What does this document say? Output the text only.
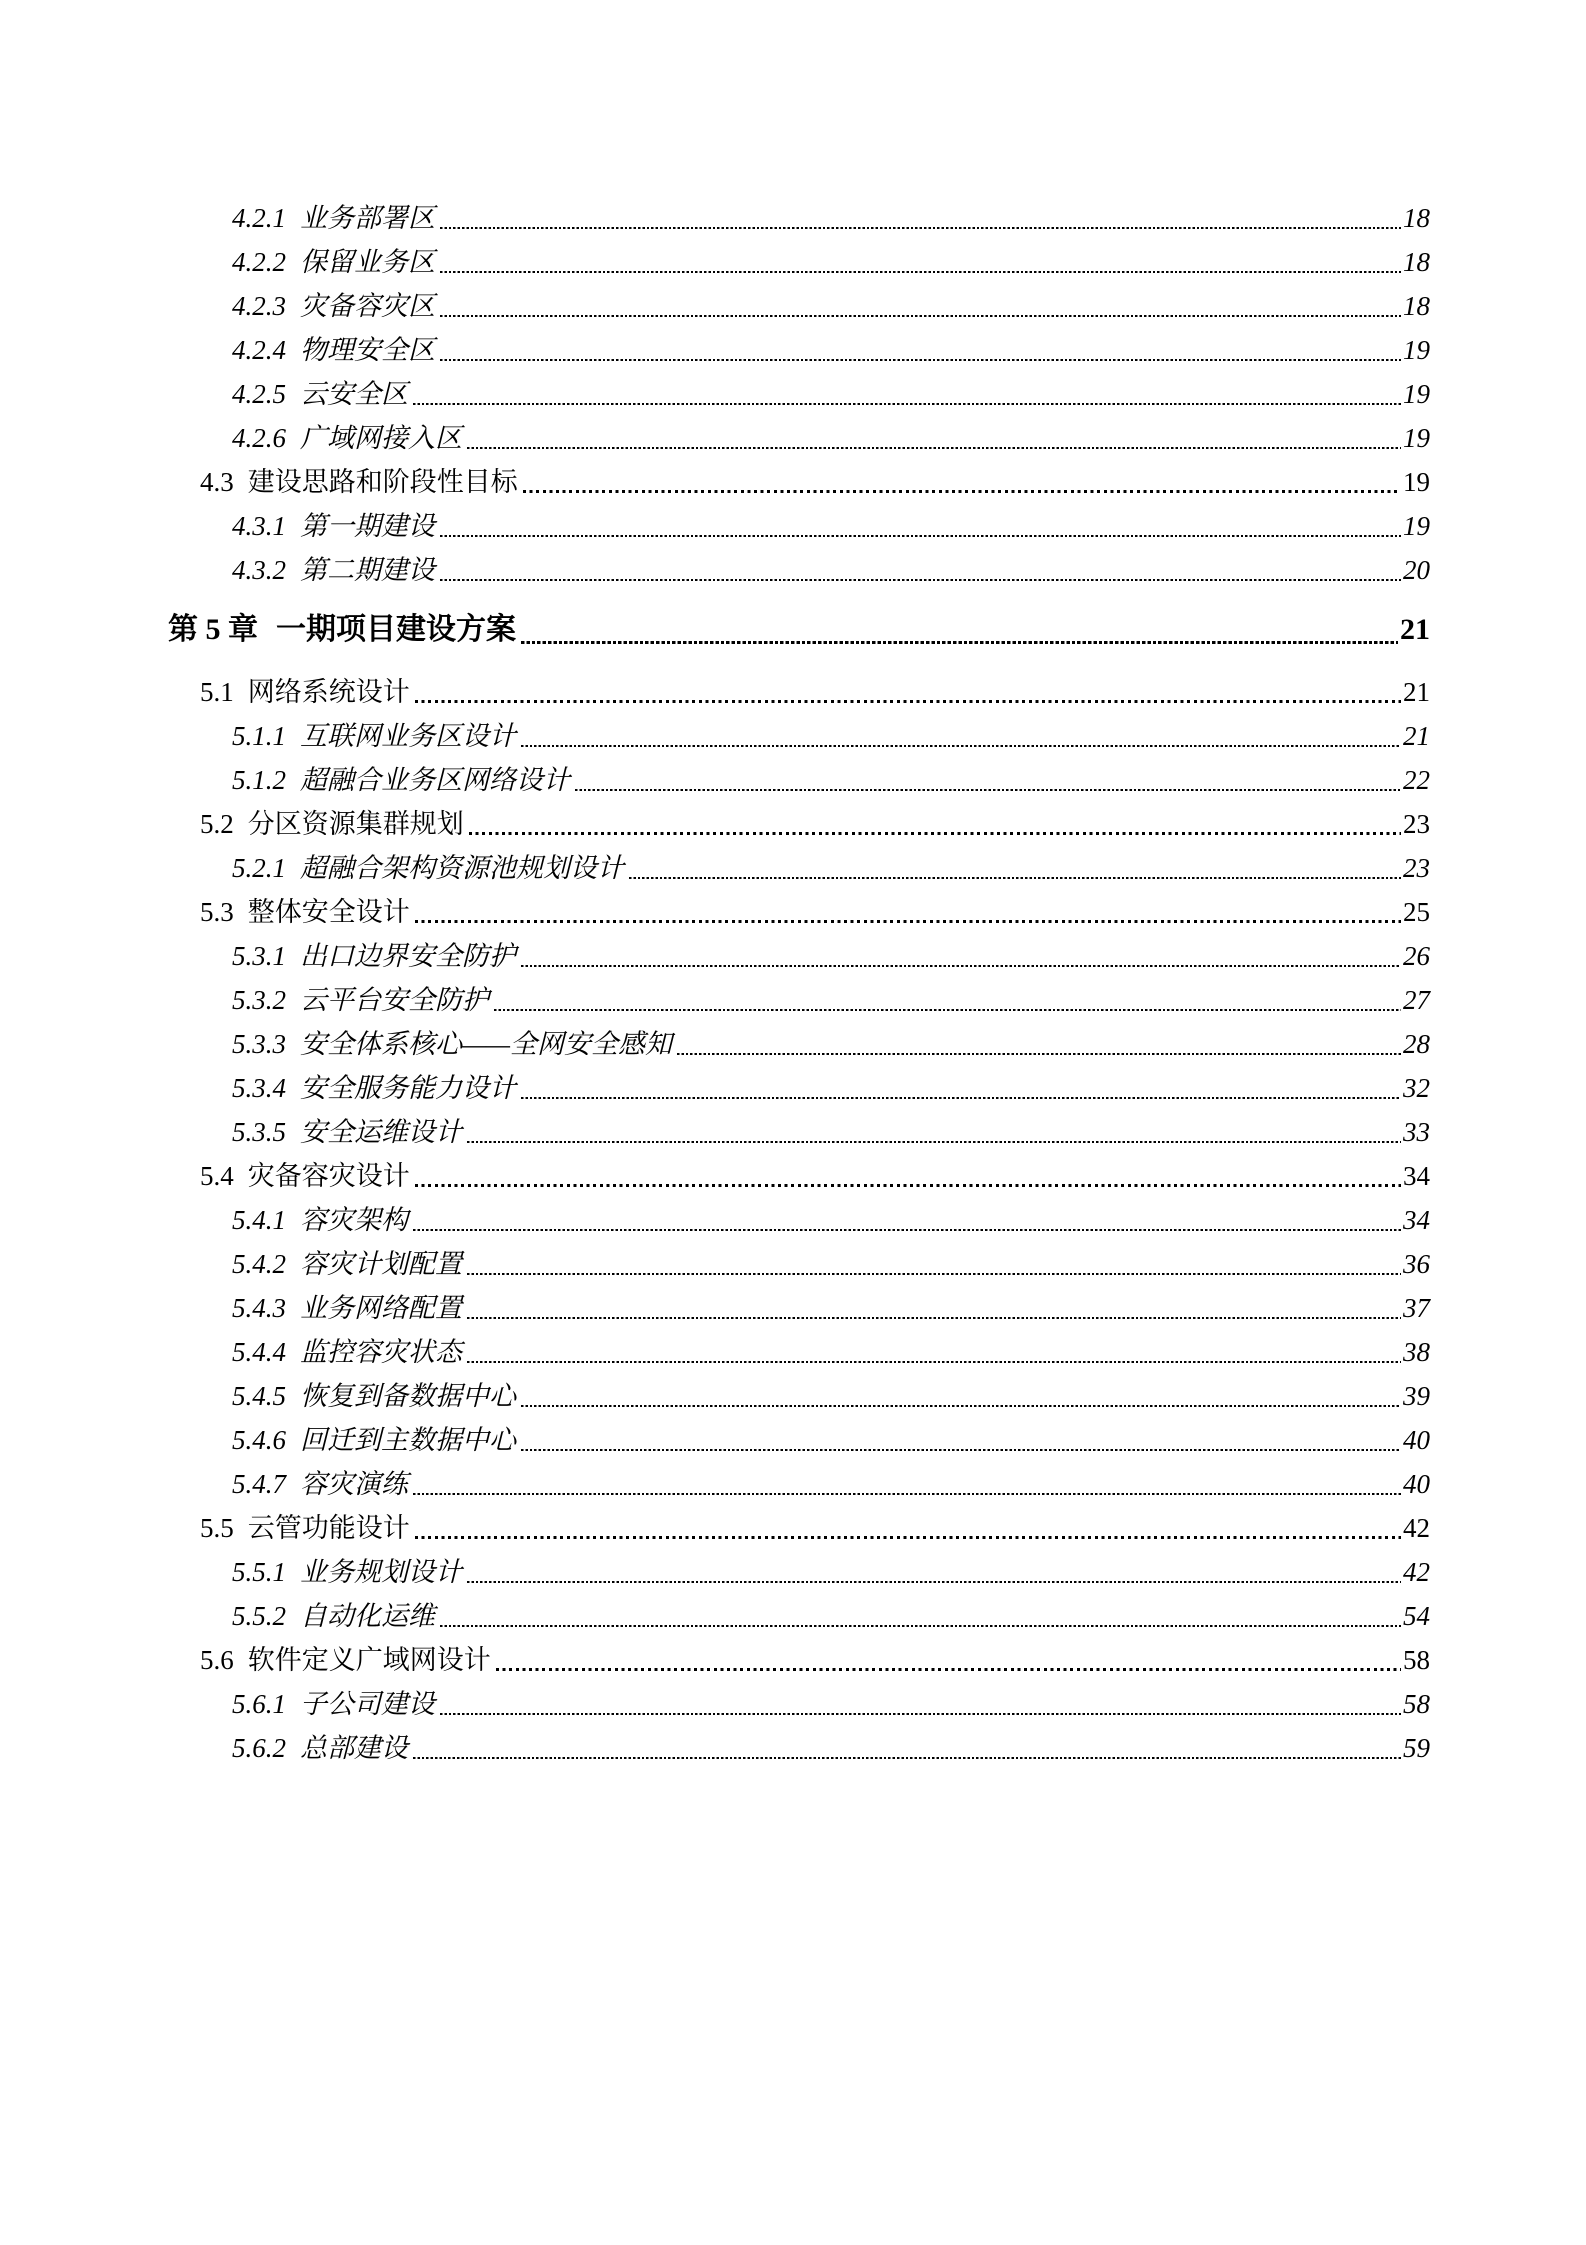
4.2.1 业务部署区	18
4.2.2 保留业务区	18
4.2.3 灾备容灾区	18
4.2.4 物理安全区	19
4.2.5 云安全区	19
4.2.6 广域网接入区	19
4.3 建设思路和阶段性目标	19
4.3.1 第一期建设	19
4.3.2 第二期建设	20
第 5 章 一期项目建设方案	21
5.1 网络系统设计	21
5.1.1 互联网业务区设计	21
5.1.2 超融合业务区网络设计	22
5.2 分区资源集群规划	23
5.2.1 超融合架构资源池规划设计	23
5.3 整体安全设计	25
5.3.1 出口边界安全防护	26
5.3.2 云平台安全防护	27
5.3.3 安全体系核心——全网安全感知	28
5.3.4 安全服务能力设计	32
5.3.5 安全运维设计	33
5.4 灾备容灾设计	34
5.4.1 容灾架构	34
5.4.2 容灾计划配置	36
5.4.3 业务网络配置	37
5.4.4 监控容灾状态	38
5.4.5 恢复到备数据中心	39
5.4.6 回迁到主数据中心	40
5.4.7 容灾演练	40
5.5 云管功能设计	42
5.5.1 业务规划设计	42
5.5.2 自动化运维	54
5.6 软件定义广域网设计	58
5.6.1 子公司建设	58
5.6.2 总部建设	59
